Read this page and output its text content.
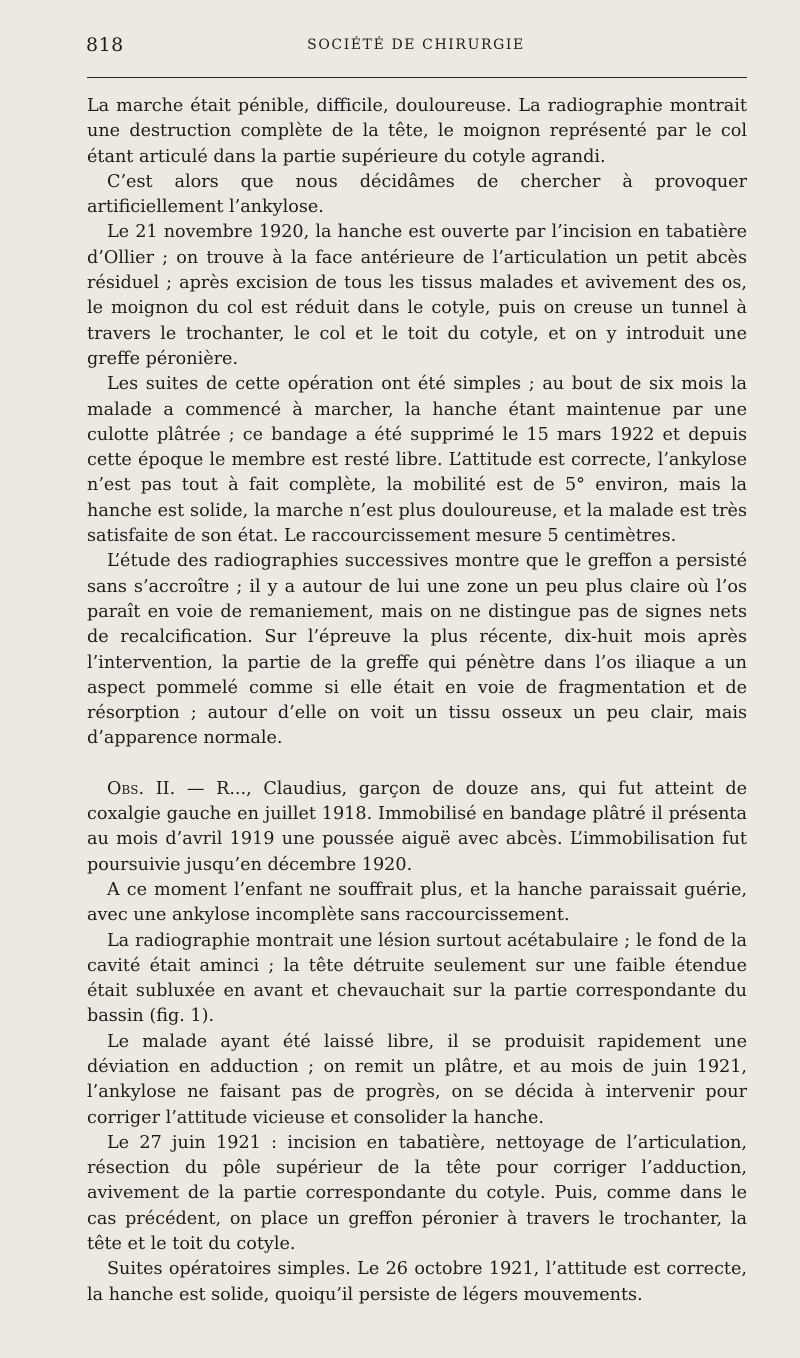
818	SOCIÉTÉ DE CHIRURGIE

La marche était pénible, difficile, douloureuse. La radiographie montrait une destruction complète de la tête, le moignon représenté par le col étant articulé dans la partie supérieure du cotyle agrandi.

C’est alors que nous décidâmes de chercher à provoquer artificiellement l’ankylose.

Le 21 novembre 1920, la hanche est ouverte par l’incision en tabatière d’Ollier ; on trouve à la face antérieure de l’articulation un petit abcès résiduel ; après excision de tous les tissus malades et avivement des os, le moignon du col est réduit dans le cotyle, puis on creuse un tunnel à travers le trochanter, le col et le toit du cotyle, et on y introduit une greffe péronière.

Les suites de cette opération ont été simples ; au bout de six mois la malade a commencé à marcher, la hanche étant maintenue par une culotte plâtrée ; ce bandage a été supprimé le 15 mars 1922 et depuis cette époque le membre est resté libre. L’attitude est correcte, l’ankylose n’est pas tout à fait complète, la mobilité est de 5° environ, mais la hanche est solide, la marche n’est plus douloureuse, et la malade est très satisfaite de son état. Le raccourcissement mesure 5 centimètres.

L’étude des radiographies successives montre que le greffon a persisté sans s’accroître ; il y a autour de lui une zone un peu plus claire où l’os paraît en voie de remaniement, mais on ne distingue pas de signes nets de recalcification. Sur l’épreuve la plus récente, dix-huit mois après l’intervention, la partie de la greffe qui pénètre dans l’os iliaque a un aspect pommelé comme si elle était en voie de fragmentation et de résorption ; autour d’elle on voit un tissu osseux un peu clair, mais d’apparence normale.

Obs. II. — R..., Claudius, garçon de douze ans, qui fut atteint de coxalgie gauche en juillet 1918. Immobilisé en bandage plâtré il présenta au mois d’avril 1919 une poussée aiguë avec abcès. L’immobilisation fut poursuivie jusqu’en décembre 1920.

A ce moment l’enfant ne souffrait plus, et la hanche paraissait guérie, avec une ankylose incomplète sans raccourcissement.

La radiographie montrait une lésion surtout acétabulaire ; le fond de la cavité était aminci ; la tête détruite seulement sur une faible étendue était subluxée en avant et chevauchait sur la partie correspondante du bassin (fig. 1).

Le malade ayant été laissé libre, il se produisit rapidement une déviation en adduction ; on remit un plâtre, et au mois de juin 1921, l’ankylose ne faisant pas de progrès, on se décida à intervenir pour corriger l’attitude vicieuse et consolider la hanche.

Le 27 juin 1921 : incision en tabatière, nettoyage de l’articulation, résection du pôle supérieur de la tête pour corriger l’adduction, avivement de la partie correspondante du cotyle. Puis, comme dans le cas précédent, on place un greffon péronier à travers le trochanter, la tête et le toit du cotyle.

Suites opératoires simples. Le 26 octobre 1921, l’attitude est correcte, la hanche est solide, quoiqu’il persiste de légers mouvements.
